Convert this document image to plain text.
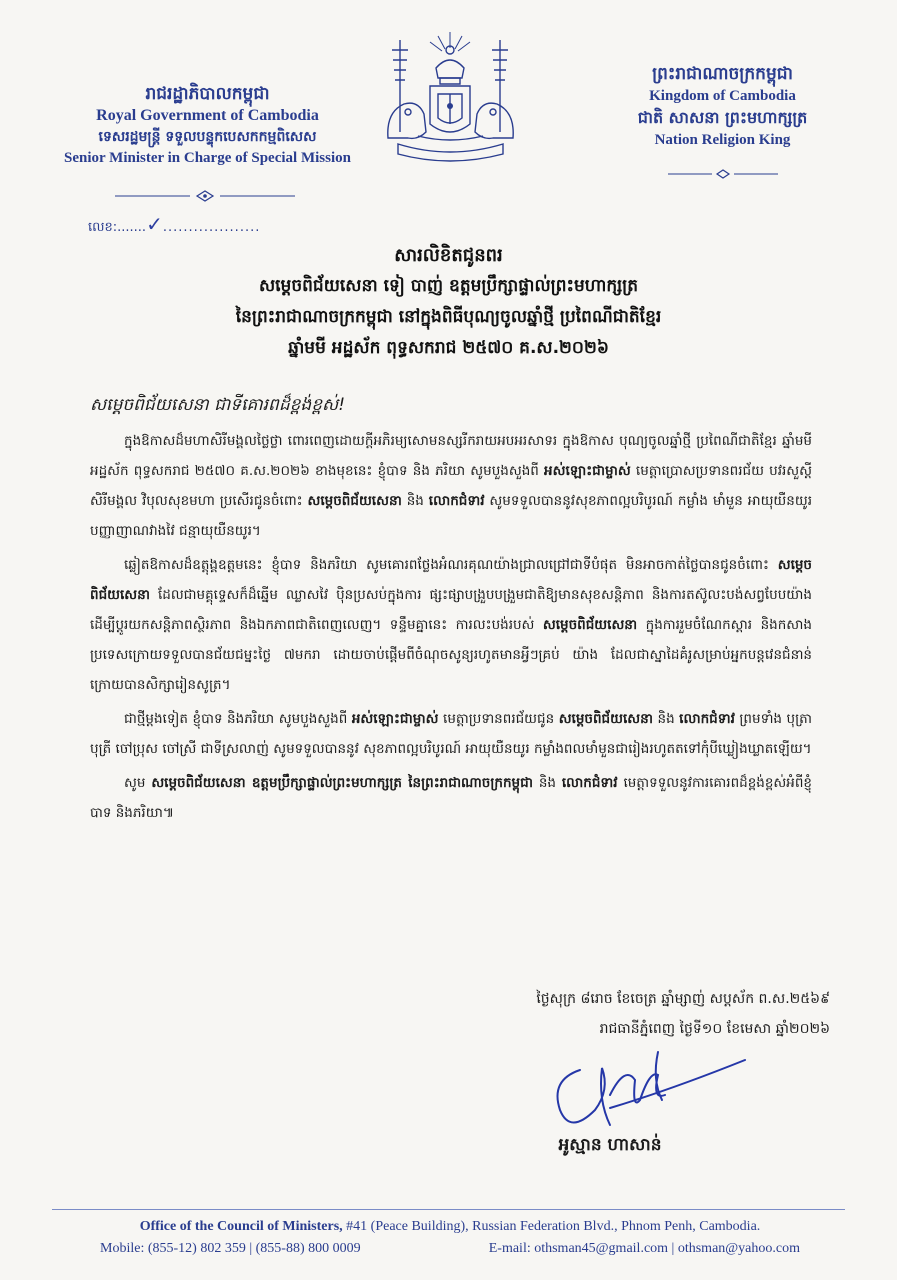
រាជរដ្ឋាភិបាលកម្ពុជា
Royal Government of Cambodia
ទេសរដ្ឋមន្ត្រី ទទួលបន្ទុកបេសកកម្មពិសេស
Senior Minister in Charge of Special Mission
លេខ:.......✓...................
ព្រះរាជាណាចក្រកម្ពុជា
Kingdom of Cambodia
ជាតិ សាសនា ព្រះមហាក្សត្រ
Nation Religion King
សារលិខិតជូនពរ
សម្តេចពិជ័យសេនា ទៀ បាញ់ ឧត្តមប្រឹក្សាផ្ទាល់ព្រះមហាក្សត្រ
នៃព្រះរាជាណាចក្រកម្ពុជា នៅក្នុងពិធីបុណ្យចូលឆ្នាំថ្មី ប្រពៃណីជាតិខ្មែរ
ឆ្នាំមមី អដ្ឋស័ក ពុទ្ធសករាជ ២៥៧០ គ.ស.២០២៦
សម្តេចពិជ័យសេនា ជាទីគោរពដ៏ខ្ពង់ខ្ពស់!

ក្នុងឱកាសដ៏មហាសិរីមង្គលថ្លៃថ្លា ពោរពេញដោយក្តីអភិរម្យសោមនស្សរីករាយអបអរសាទរ ក្នុងឱកាស បុណ្យចូលឆ្នាំថ្មី ប្រពៃណីជាតិខ្មែរ ឆ្នាំមមី អដ្ឋស័ក ពុទ្ធសករាជ ២៥៧០ គ.ស.២០២៦ ខាងមុខនេះ ខ្ញុំបាទ និង ភរិយា សូមបួងសួងពី អស់ឡោះជាម្ចាស់ មេត្តាប្រោសប្រទានពរជ័យ បវរសួស្តី សិរីមង្គល វិបុលសុខមហា ប្រសើរជូនចំពោះ សម្តេចពិជ័យសេនា និង លោកជំទាវ សូមទទួលបាននូវសុខភាពល្អបរិបូរណ៍ កម្លាំង មាំមួន អាយុយឺនយូរ បញ្ញាញាណវាងវៃ ជន្មាយុយឺនយូរ។

ឆ្លៀតឱកាសដ៏ឧត្តុង្គឧត្តមនេះ ខ្ញុំបាទ និងភរិយា សូមគោរពថ្លែងអំណរគុណយ៉ាងជ្រាលជ្រៅជាទីបំផុត មិនអាចកាត់ថ្លៃបានជូនចំពោះ សម្តេចពិជ័យសេនា ដែលជាមគ្គុទ្ទេសក៏ដ៏ឆ្នើម ឈ្លាសវៃ ប៉ិនប្រសប់ក្នុងការ ផ្សះផ្សាបង្រួបបង្រួមជាតិឱ្យមានសុខសន្តិភាព និងការតស៊ូលះបង់សព្វបែបយ៉ាងដើម្បីប្តូរយកសន្តិភាពស្ថិរភាព និងឯកភាពជាតិពេញលេញ។ ទន្ទឹមគ្នានេះ ការលះបង់របស់ សម្តេចពិជ័យសេនា ក្នុងការរួមចំណែកស្តារ និងកសាងប្រទេសក្រោយទទួលបានជ័យជម្នះថ្ងៃ ៧មករា ដោយចាប់ផ្តើមពីចំណុចសូន្យរហូតមានអ្វីៗគ្រប់ យ៉ាង ដែលជាស្នាដៃគំរូសម្រាប់អ្នកបន្តវេនជំនាន់ក្រោយបានសិក្សារៀនសូត្រ។

ជាថ្មីម្តងទៀត ខ្ញុំបាទ និងភរិយា សូមបួងសួងពី អស់ឡោះជាម្ចាស់ មេត្តាប្រទានពរជ័យជូន សម្តេចពិជ័យសេនា និង លោកជំទាវ ព្រមទាំង បុត្រា បុត្រី ចៅប្រុស ចៅស្រី ជាទីស្រលាញ់ សូមទទួលបាននូវ សុខភាពល្អបរិបូរណ៍ អាយុយឺនយូរ កម្លាំងពលមាំមួនជារៀងរហូតតទៅកុំបីឃ្លៀងឃ្លាតឡើយ។

សូម សម្តេចពិជ័យសេនា ឧត្តមប្រឹក្សាផ្ទាល់ព្រះមហាក្សត្រ នៃព្រះរាជាណាចក្រកម្ពុជា និង លោកជំទាវ មេត្តាទទួលនូវការគោរពដ៏ខ្ពង់ខ្ពស់អំពីខ្ញុំបាទ និងភរិយា៕

ថ្ងៃសុក្រ ៨រោច ខែចេត្រ ឆ្នាំម្សាញ់ សប្តស័ក ព.ស.២៥៦៩
រាជធានីភ្នំពេញ ថ្ងៃទី១០ ខែមេសា ឆ្នាំ២០២៦
អូស្មាន ហាសាន់
Office of the Council of Ministers, #41 (Peace Building), Russian Federation Blvd., Phnom Penh, Cambodia.
Mobile: (855-12) 802 359 | (855-88) 800 0009	E-mail: othsman45@gmail.com | othsman@yahoo.com
